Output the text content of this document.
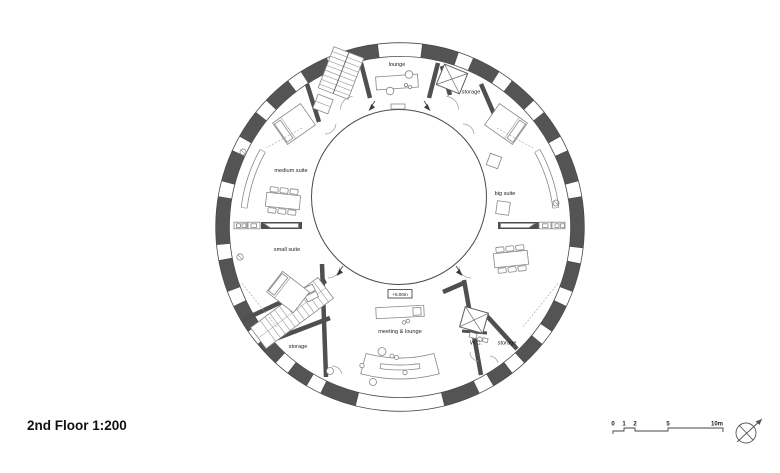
+6.00m
lounge
storage
big suite
medium suite
small suite
meeting & lounge
storage
storage
W.C.
2nd Floor 1:200	0 1 2	5	10m
